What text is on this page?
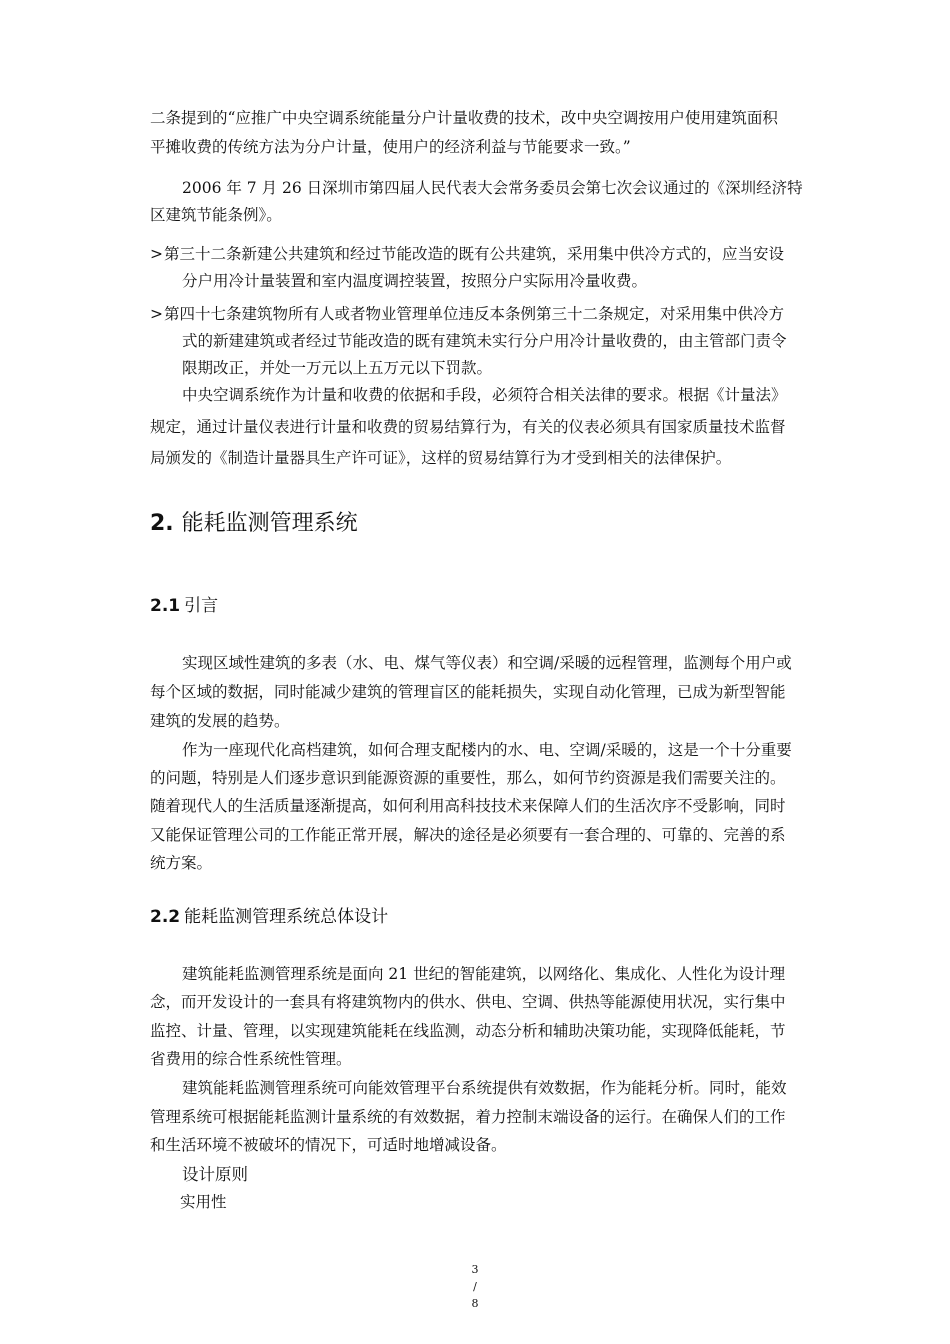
二条提到的“应推广中央空调系统能量分户计量收费的技术，改中央空调按用户使用建筑面积
平摊收费的传统方法为分户计量，使用户的经济利益与节能要求一致。”
2006 年 7 月 26 日深圳市第四届人民代表大会常务委员会第七次会议通过的《深圳经济特
区建筑节能条例》。
>第三十二条新建公共建筑和经过节能改造的既有公共建筑，采用集中供冷方式的，应当安设
分户用冷计量装置和室内温度调控装置，按照分户实际用冷量收费。
>第四十七条建筑物所有人或者物业管理单位违反本条例第三十二条规定，对采用集中供冷方
式的新建建筑或者经过节能改造的既有建筑未实行分户用冷计量收费的，由主管部门责令
限期改正，并处一万元以上五万元以下罚款。
中央空调系统作为计量和收费的依据和手段，必须符合相关法律的要求。根据《计量法》
规定，通过计量仪表进行计量和收费的贸易结算行为，有关的仪表必须具有国家质量技术监督
局颁发的《制造计量器具生产许可证》，这样的贸易结算行为才受到相关的法律保护。
2. 能耗监测管理系统
2.1 引言
实现区域性建筑的多表（水、电、煤气等仪表）和空调/采暖的远程管理，监测每个用户或
每个区域的数据，同时能减少建筑的管理盲区的能耗损失，实现自动化管理，已成为新型智能
建筑的发展的趋势。
作为一座现代化高档建筑，如何合理支配楼内的水、电、空调/采暖的，这是一个十分重要
的问题，特别是人们逐步意识到能源资源的重要性，那么，如何节约资源是我们需要关注的。
随着现代人的生活质量逐渐提高，如何利用高科技技术来保障人们的生活次序不受影响，同时
又能保证管理公司的工作能正常开展，解决的途径是必须要有一套合理的、可靠的、完善的系
统方案。
2.2 能耗监测管理系统总体设计
建筑能耗监测管理系统是面向 21 世纪的智能建筑，以网络化、集成化、人性化为设计理
念，而开发设计的一套具有将建筑物内的供水、供电、空调、供热等能源使用状况，实行集中
监控、计量、管理，以实现建筑能耗在线监测，动态分析和辅助决策功能，实现降低能耗，节
省费用的综合性系统性管理。
建筑能耗监测管理系统可向能效管理平台系统提供有效数据，作为能耗分析。同时，能效
管理系统可根据能耗监测计量系统的有效数据，着力控制末端设备的运行。在确保人们的工作
和生活环境不被破坏的情况下，可适时地增减设备。
设计原则
实用性
3
/
8
